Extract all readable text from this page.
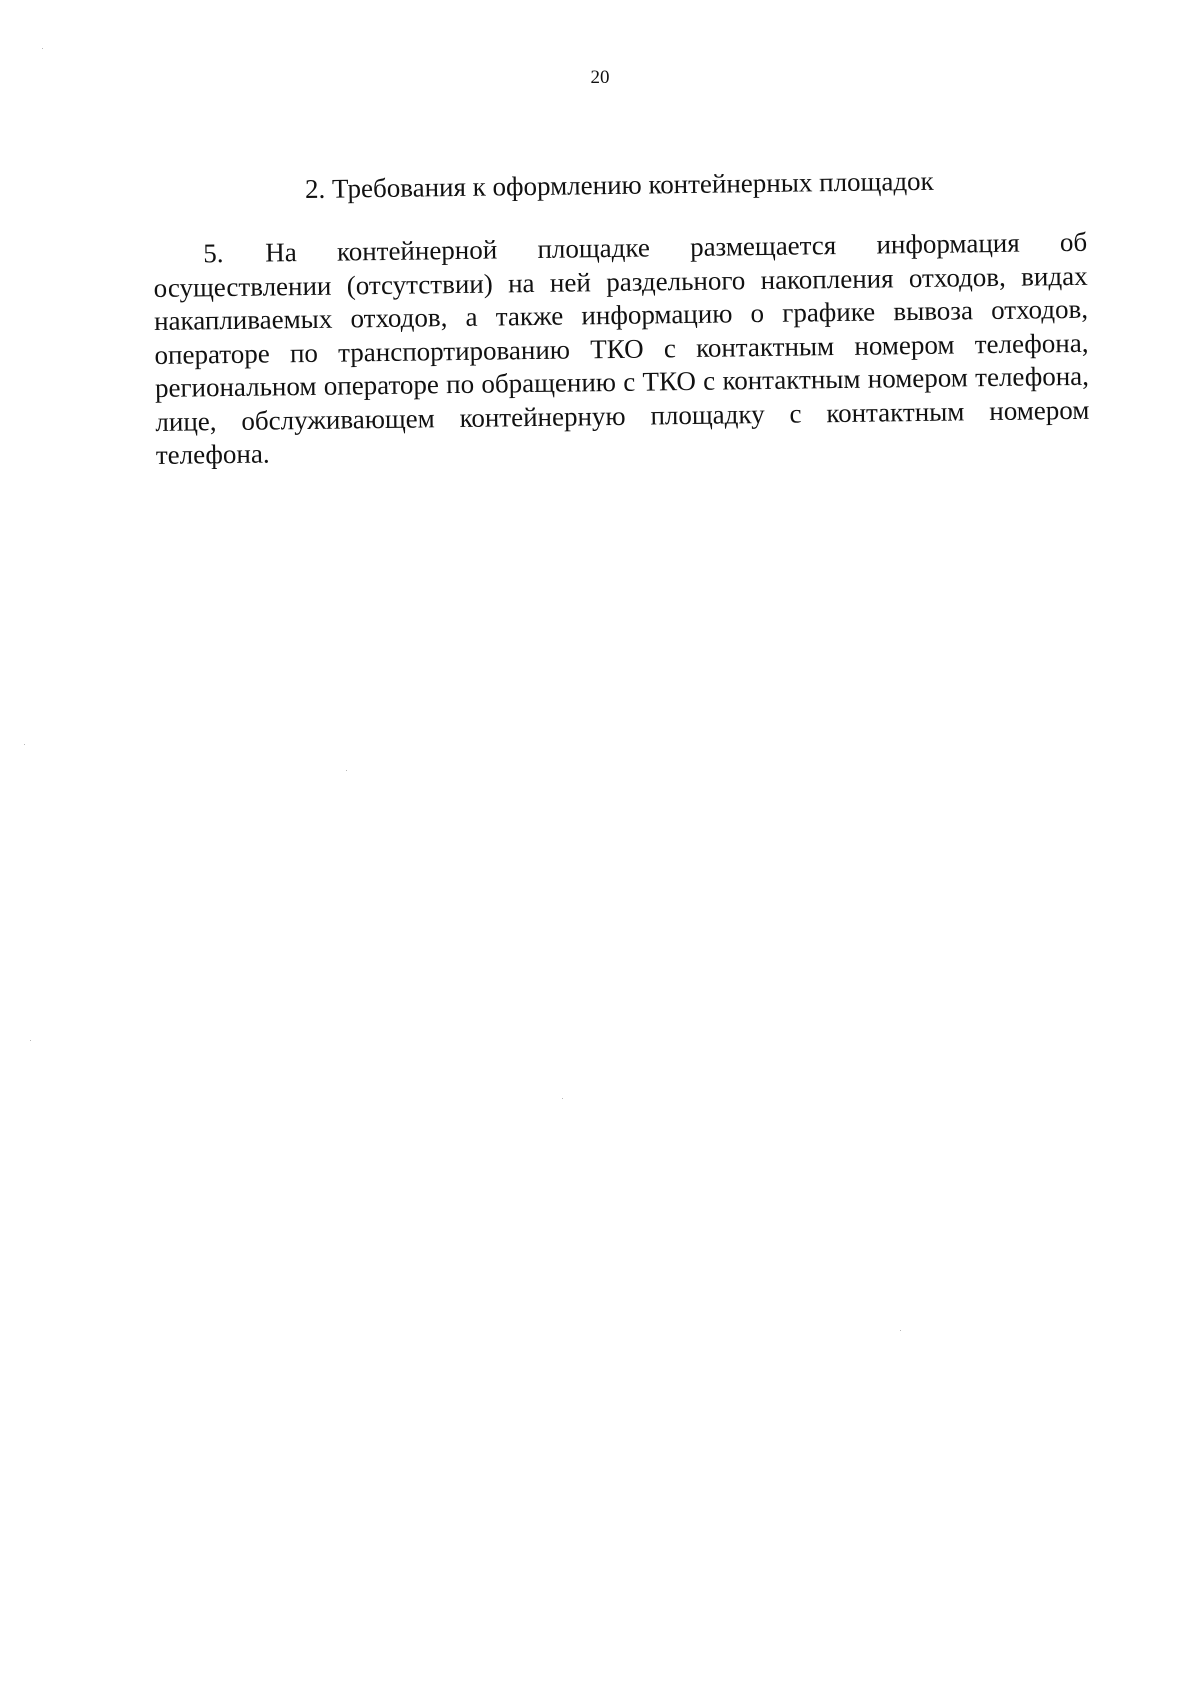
20
2. Требования к оформлению контейнерных площадок

5. На контейнерной площадке размещается информация об осуществлении (отсутствии) на ней раздельного накопления отходов, видах накапливаемых отходов, а также информацию о графике вывоза отходов, операторе по транспортированию ТКО с контактным номером телефона, региональном операторе по обращению с ТКО с контактным номером телефона, лице, обслуживающем контейнерную площадку с контактным номером телефона.
